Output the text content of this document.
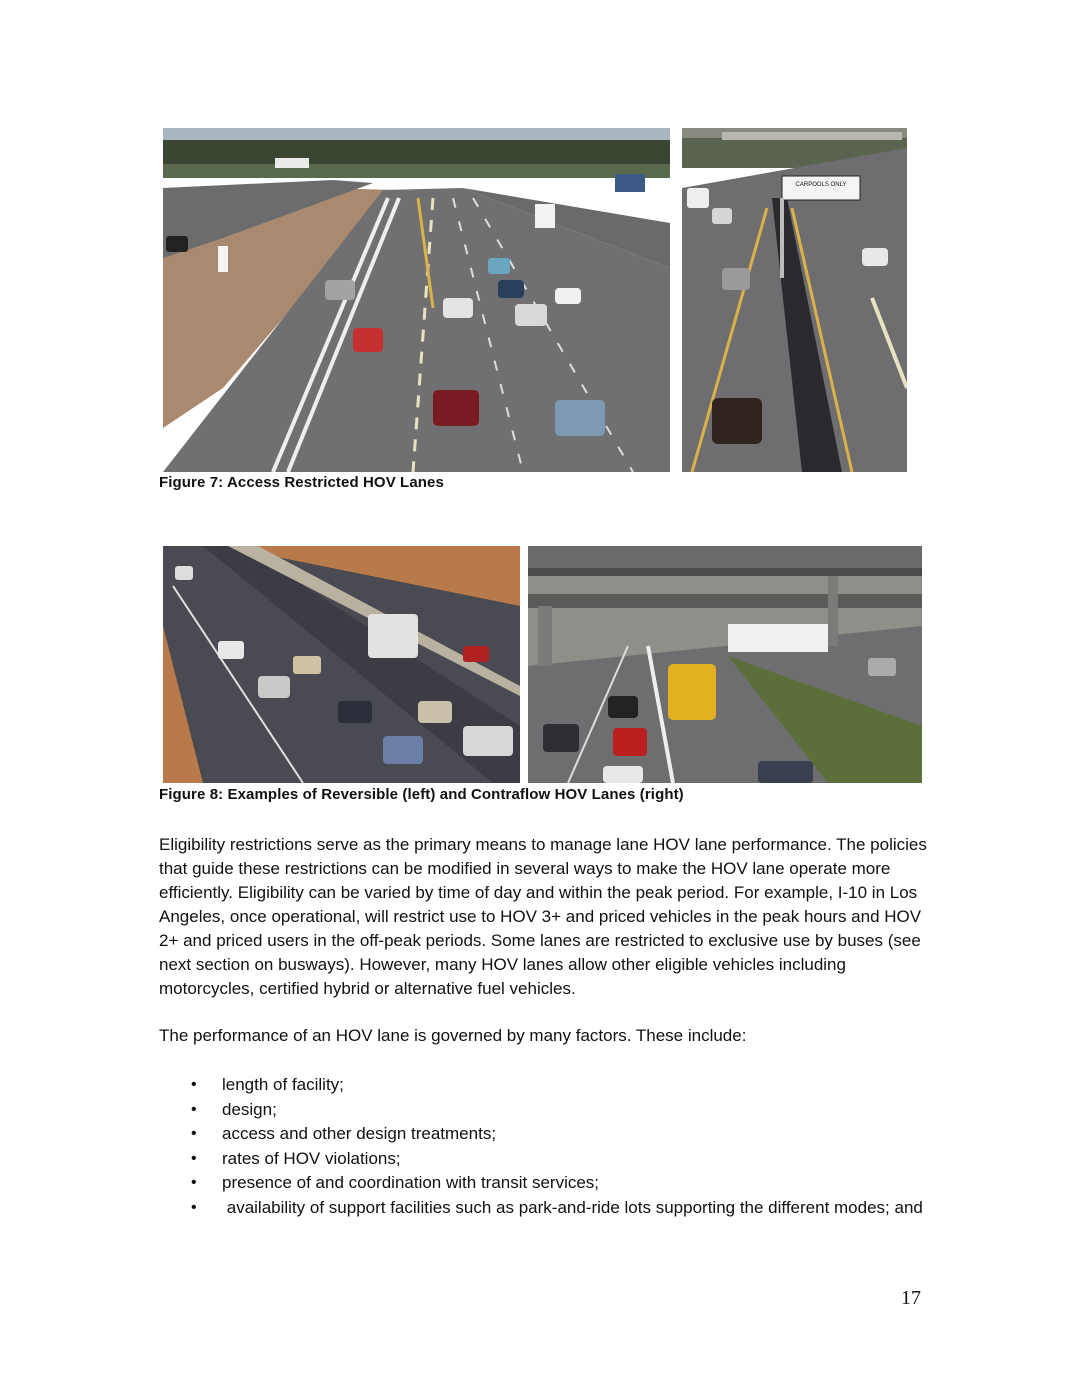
CARPOOLS ONLY
Figure 7: Access Restricted HOV Lanes
Figure 8: Examples of Reversible (left) and Contraflow HOV Lanes (right)

Eligibility restrictions serve as the primary means to manage lane HOV lane performance. The policies that guide these restrictions can be modified in several ways to make the HOV lane operate more efficiently. Eligibility can be varied by time of day and within the peak period. For example, I-10 in Los Angeles, once operational, will restrict use to HOV 3+ and priced vehicles in the peak hours and HOV 2+ and priced users in the off-peak periods. Some lanes are restricted to exclusive use by buses (see next section on busways). However, many HOV lanes allow other eligible vehicles including motorcycles, certified hybrid or alternative fuel vehicles.

The performance of an HOV lane is governed by many factors. These include:

• length of facility;
• design;
• access and other design treatments;
• rates of HOV violations;
• presence of and coordination with transit services;
• availability of support facilities such as park-and-ride lots supporting the different modes; and
17
